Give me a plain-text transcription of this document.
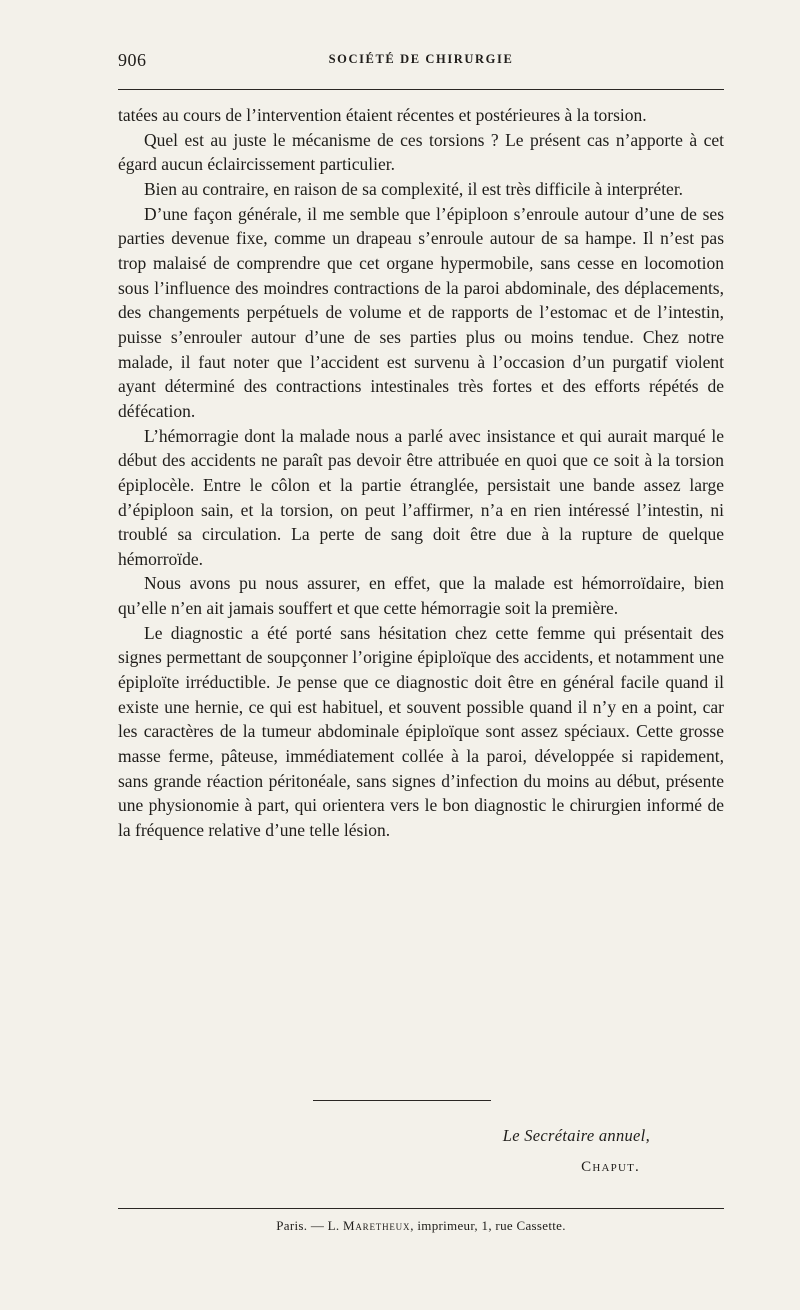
906	SOCIÉTÉ DE CHIRURGIE

tatées au cours de l’intervention étaient récentes et postérieures à la torsion.

Quel est au juste le mécanisme de ces torsions ? Le présent cas n’apporte à cet égard aucun éclaircissement particulier.

Bien au contraire, en raison de sa complexité, il est très difficile à interpréter.

D’une façon générale, il me semble que l’épiploon s’enroule autour d’une de ses parties devenue fixe, comme un drapeau s’enroule autour de sa hampe. Il n’est pas trop malaisé de comprendre que cet organe hypermobile, sans cesse en locomotion sous l’influence des moindres contractions de la paroi abdominale, des déplacements, des changements perpétuels de volume et de rapports de l’estomac et de l’intestin, puisse s’enrouler autour d’une de ses parties plus ou moins tendue. Chez notre malade, il faut noter que l’accident est survenu à l’occasion d’un purgatif violent ayant déterminé des contractions intestinales très fortes et des efforts répétés de défécation.

L’hémorragie dont la malade nous a parlé avec insistance et qui aurait marqué le début des accidents ne paraît pas devoir être attribuée en quoi que ce soit à la torsion épiplocèle. Entre le côlon et la partie étranglée, persistait une bande assez large d’épiploon sain, et la torsion, on peut l’affirmer, n’a en rien intéressé l’intestin, ni troublé sa circulation. La perte de sang doit être due à la rupture de quelque hémorroïde.

Nous avons pu nous assurer, en effet, que la malade est hémorroïdaire, bien qu’elle n’en ait jamais souffert et que cette hémorragie soit la première.

Le diagnostic a été porté sans hésitation chez cette femme qui présentait des signes permettant de soupçonner l’origine épiploïque des accidents, et notamment une épiploïte irréductible. Je pense que ce diagnostic doit être en général facile quand il existe une hernie, ce qui est habituel, et souvent possible quand il n’y en a point, car les caractères de la tumeur abdominale épiploïque sont assez spéciaux. Cette grosse masse ferme, pâteuse, immédiatement collée à la paroi, développée si rapidement, sans grande réaction péritonéale, sans signes d’infection du moins au début, présente une physionomie à part, qui orientera vers le bon diagnostic le chirurgien informé de la fréquence relative d’une telle lésion.

Le Secrétaire annuel,
Chaput.
Paris. — L. Maretheux, imprimeur, 1, rue Cassette.
